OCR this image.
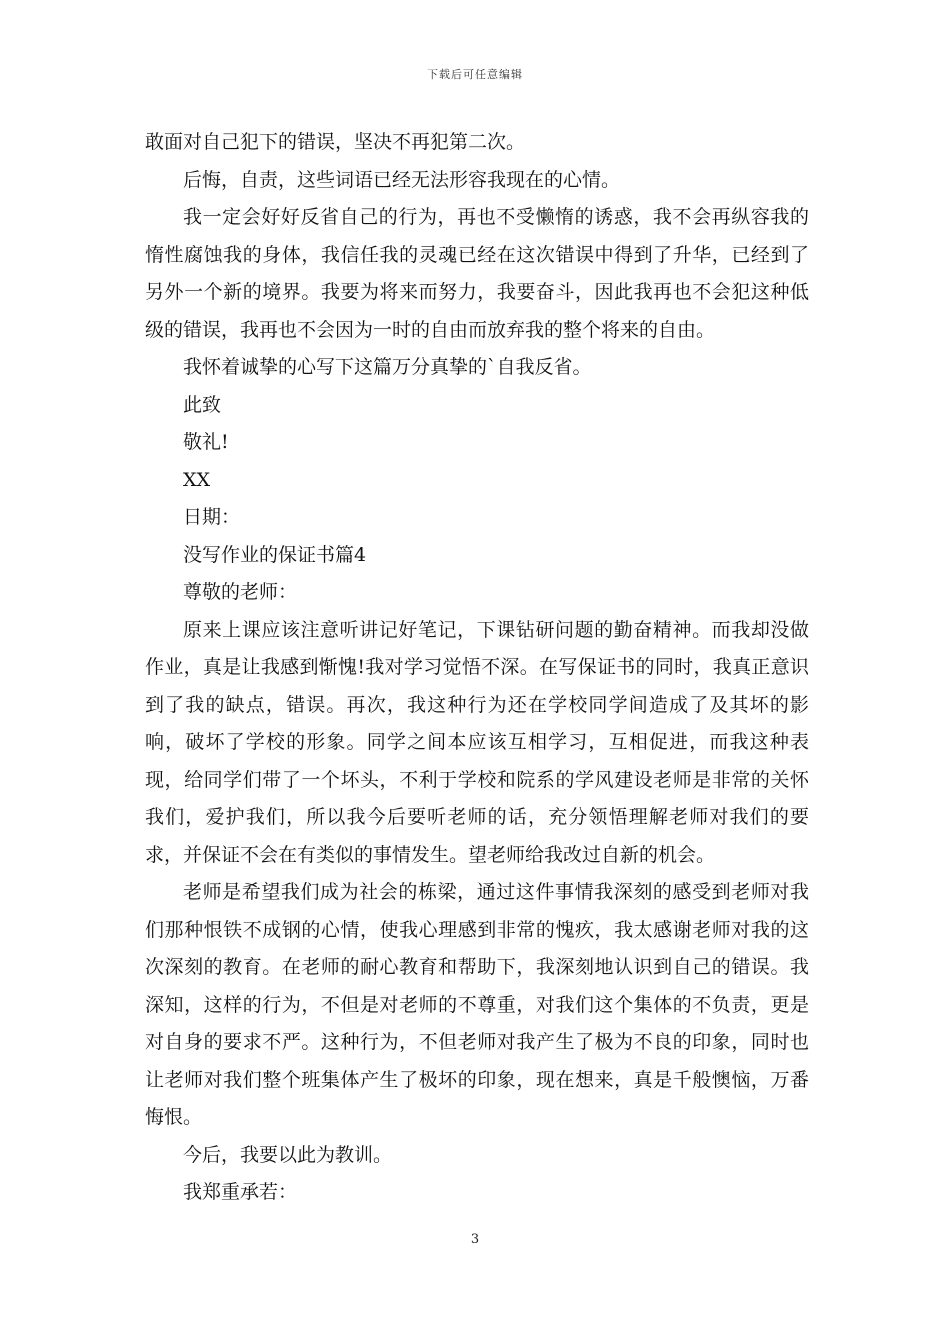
下载后可任意编辑

敢面对自己犯下的错误，坚决不再犯第二次。

后悔，自责，这些词语已经无法形容我现在的心情。

我一定会好好反省自己的行为，再也不受懒惰的诱惑，我不会再纵容我的惰性腐蚀我的身体，我信任我的灵魂已经在这次错误中得到了升华，已经到了另外一个新的境界。我要为将来而努力，我要奋斗，因此我再也不会犯这种低级的错误，我再也不会因为一时的自由而放弃我的整个将来的自由。

我怀着诚挚的心写下这篇万分真挚的`自我反省。

此致

敬礼!

XX

日期：

没写作业的保证书篇4

尊敬的老师：

原来上课应该注意听讲记好笔记，下课钻研问题的勤奋精神。而我却没做作业，真是让我感到惭愧!我对学习觉悟不深。在写保证书的同时，我真正意识到了我的缺点，错误。再次，我这种行为还在学校同学间造成了及其坏的影响，破坏了学校的形象。同学之间本应该互相学习，互相促进，而我这种表现，给同学们带了一个坏头，不利于学校和院系的学风建设老师是非常的关怀我们，爱护我们，所以我今后要听老师的话，充分领悟理解老师对我们的要求，并保证不会在有类似的事情发生。望老师给我改过自新的机会。

老师是希望我们成为社会的栋梁，通过这件事情我深刻的感受到老师对我们那种恨铁不成钢的心情，使我心理感到非常的愧疚，我太感谢老师对我的这次深刻的教育。在老师的耐心教育和帮助下，我深刻地认识到自己的错误。我深知，这样的行为，不但是对老师的不尊重，对我们这个集体的不负责，更是对自身的要求不严。这种行为，不但老师对我产生了极为不良的印象，同时也让老师对我们整个班集体产生了极坏的印象，现在想来，真是千般懊恼，万番悔恨。

今后，我要以此为教训。

我郑重承若：

3
